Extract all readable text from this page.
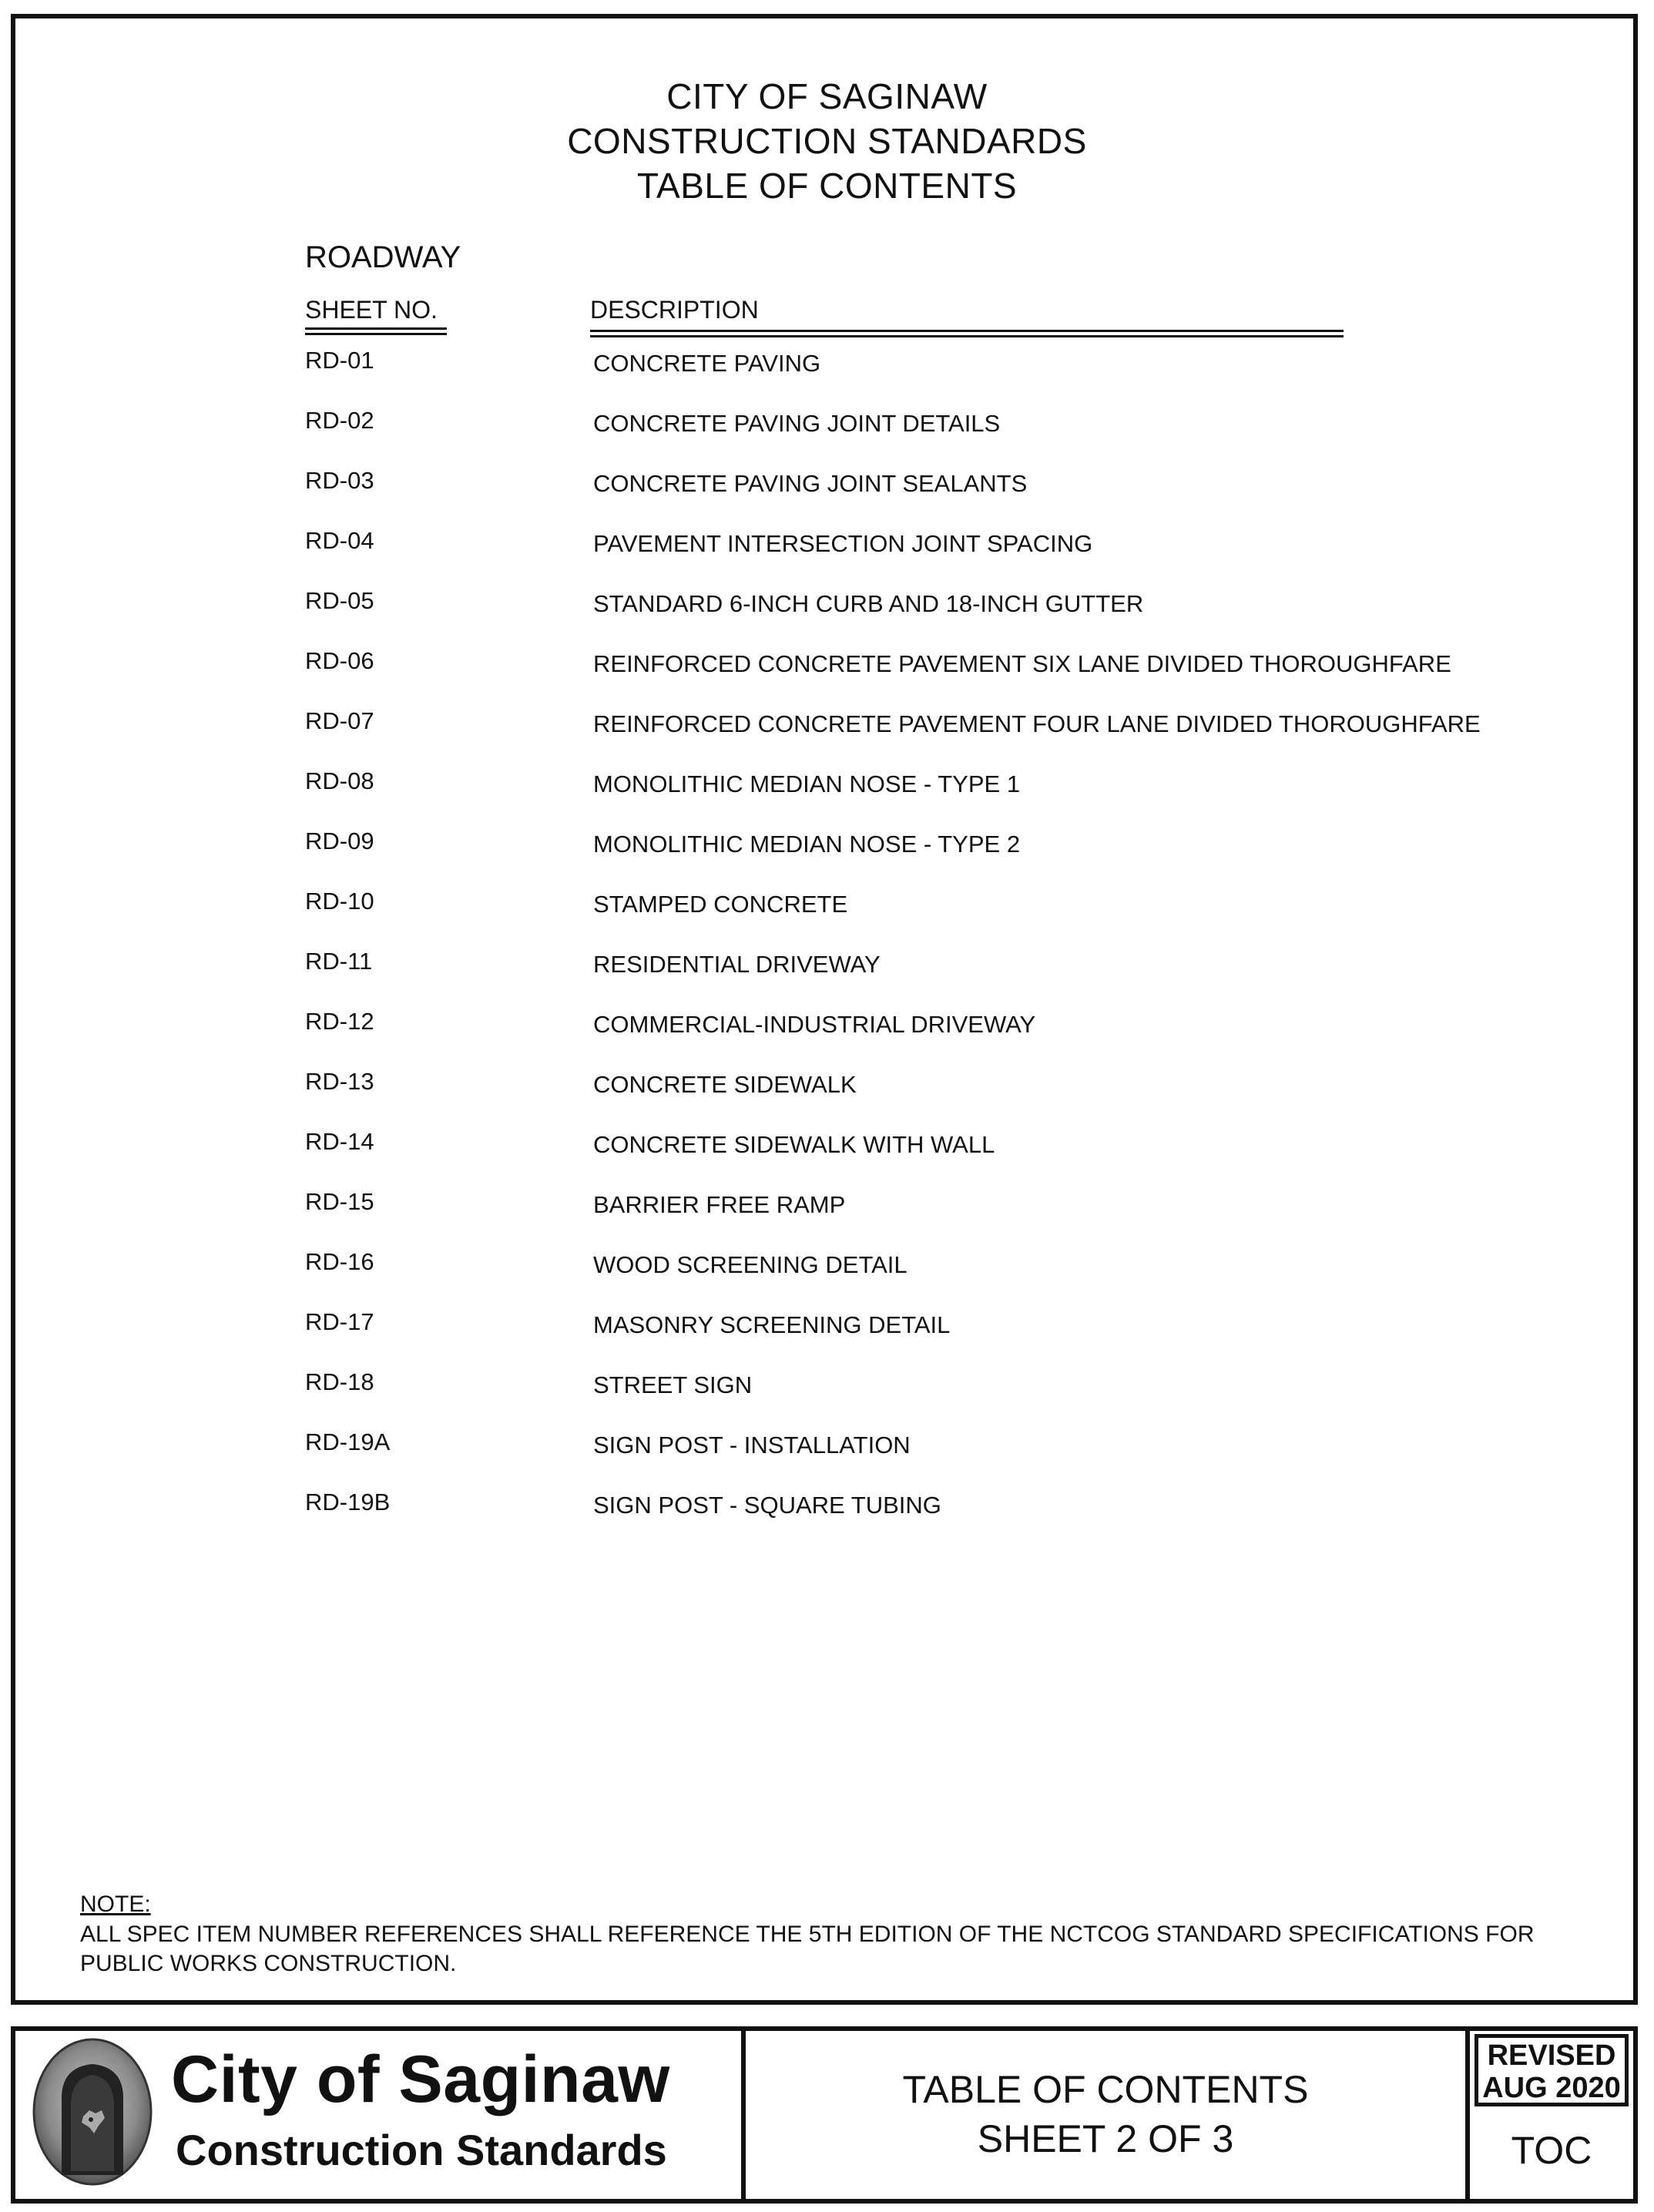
CITY OF SAGINAW
CONSTRUCTION STANDARDS
TABLE OF CONTENTS
ROADWAY
SHEET NO.	DESCRIPTION
RD-01	CONCRETE PAVING
RD-02	CONCRETE PAVING JOINT DETAILS
RD-03	CONCRETE PAVING JOINT SEALANTS
RD-04	PAVEMENT INTERSECTION JOINT SPACING
RD-05	STANDARD 6-INCH CURB AND 18-INCH GUTTER
RD-06	REINFORCED CONCRETE PAVEMENT SIX LANE DIVIDED THOROUGHFARE
RD-07	REINFORCED CONCRETE PAVEMENT FOUR LANE DIVIDED THOROUGHFARE
RD-08	MONOLITHIC MEDIAN NOSE - TYPE 1
RD-09	MONOLITHIC MEDIAN NOSE - TYPE 2
RD-10	STAMPED CONCRETE
RD-11	RESIDENTIAL DRIVEWAY
RD-12	COMMERCIAL-INDUSTRIAL DRIVEWAY
RD-13	CONCRETE SIDEWALK
RD-14	CONCRETE SIDEWALK WITH WALL
RD-15	BARRIER FREE RAMP
RD-16	WOOD SCREENING DETAIL
RD-17	MASONRY SCREENING DETAIL
RD-18	STREET SIGN
RD-19A	SIGN POST - INSTALLATION
RD-19B	SIGN POST - SQUARE TUBING
NOTE:
ALL SPEC ITEM NUMBER REFERENCES SHALL REFERENCE THE 5TH EDITION OF THE NCTCOG STANDARD SPECIFICATIONS FOR PUBLIC WORKS CONSTRUCTION.
City of Saginaw
Construction Standards
TABLE OF CONTENTS
SHEET 2 OF 3
REVISED
AUG 2020
TOC
